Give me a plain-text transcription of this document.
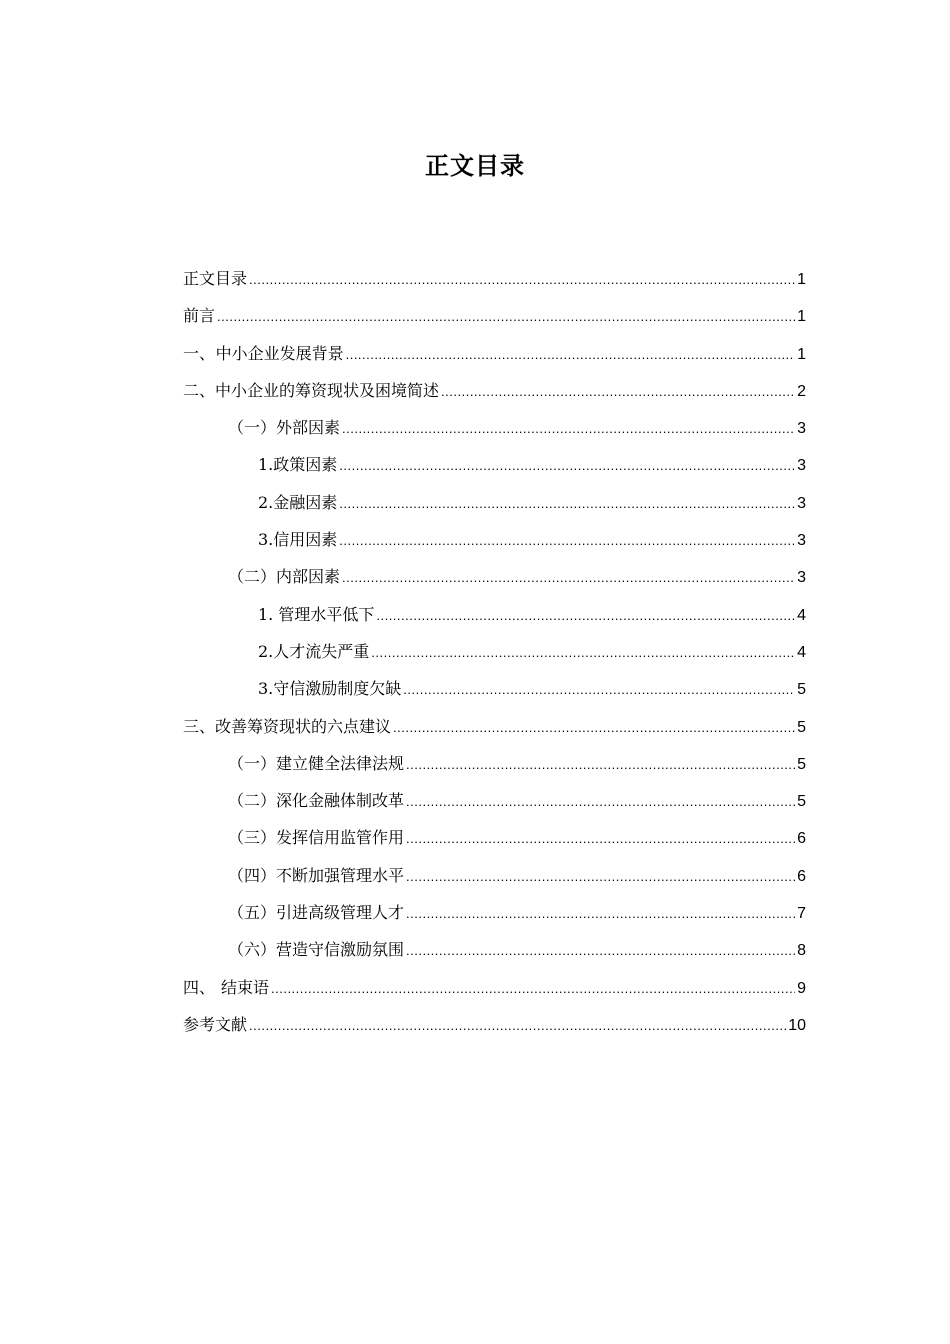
正文目录
正文目录 .....	1
前言 .....	1
一、 中小企业发展背景 .....	1
二、 中小企业的筹资现状及困境简述 .....	2
（一）外部因素 .....	3
1.政策因素 .....	3
2.金融因素 .....	3
3.信用因素 .....	3
（二）内部因素 .....	3
1. 管理水平低下 .....	4
2.人才流失严重 .....	4
3.守信激励制度欠缺 .....	5
三、 改善筹资现状的六点建议 .....	5
（一）建立健全法律法规 .....	5
（二）深化金融体制改革 .....	5
（三）发挥信用监管作用 .....	6
（四）不断加强管理水平 .....	6
（五）引进高级管理人才 .....	7
（六）营造守信激励氛围 .....	8
四、 结束语 .....	9
参考文献 .....	10
